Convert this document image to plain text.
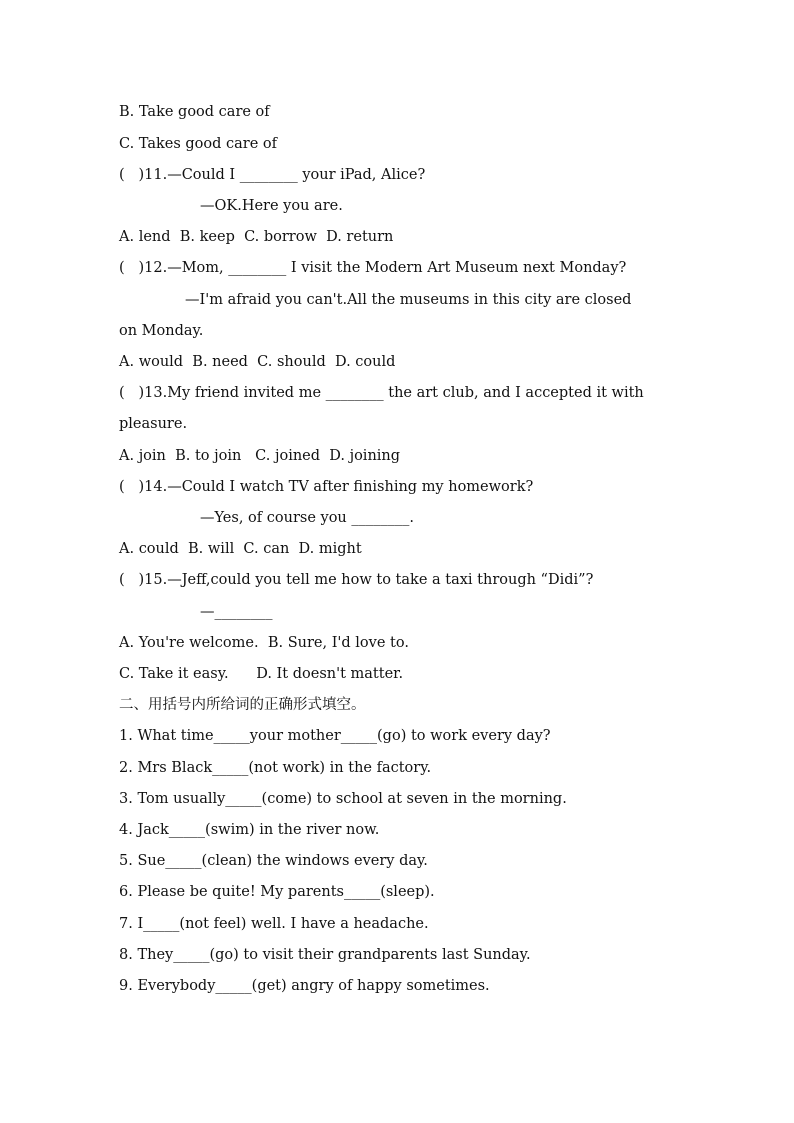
B. Take good care of
C. Takes good care of
(   )11.—Could I ________ your iPad, Alice?
—OK.Here you are.
A. lend  B. keep  C. borrow  D. return
(   )12.—Mom, ________ I visit the Modern Art Museum next Monday?
—I'm afraid you can't.All the museums in this city are closed
on Monday.
A. would  B. need  C. should  D. could
(   )13.My friend invited me ________ the art club, and I accepted it with
pleasure.
A. join  B. to join   C. joined  D. joining
(   )14.—Could I watch TV after finishing my homework?
—Yes, of course you ________.
A. could  B. will  C. can  D. might
(   )15.—Jeff,could you tell me how to take a taxi through “Didi”?
—________
A. You're welcome.  B. Sure, I'd love to.
C. Take it easy.      D. It doesn't matter.
二、用括号内所给词的正确形式填空。
1. What time_____your mother_____(go) to work every day?
2. Mrs Black_____(not work) in the factory.
3. Tom usually_____(come) to school at seven in the morning.
4. Jack_____(swim) in the river now.
5. Sue_____(clean) the windows every day.
6. Please be quite! My parents_____(sleep).
7. I_____(not feel) well. I have a headache.
8. They_____(go) to visit their grandparents last Sunday.
9. Everybody_____(get) angry of happy sometimes.
